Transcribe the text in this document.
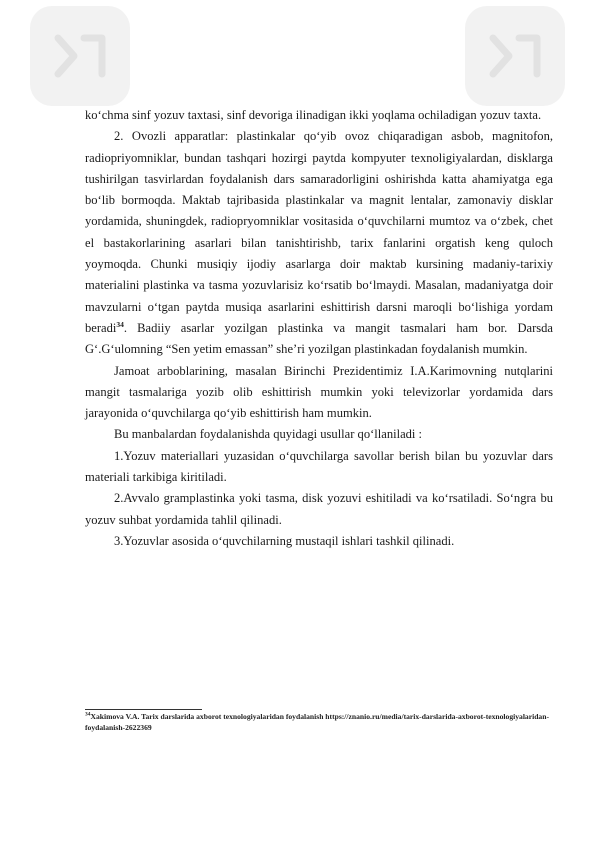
ko‘chma sinf yozuv taxtasi, sinf devoriga ilinadigan ikki yoqlama ochiladigan yozuv taxta.

2. Ovozli apparatlar: plastinkalar qo‘yib ovoz chiqaradigan asbob, magnitofon, radiopriyomniklar, bundan tashqari hozirgi paytda kompyuter texnoligiyalardan, disklarga tushirilgan tasvirlardan foydalanish dars samaradorligini oshirishda katta ahamiyatga ega bo‘lib bormoqda. Maktab tajribasida plastinkalar va magnit lentalar, zamonaviy disklar yordamida, shuningdek, radiopryomniklar vositasida o‘quvchilarni mumtoz va o‘zbek, chet el bastakorlarining asarlari bilan tanishtirishb, tarix fanlarini orgatish keng quloch yoymoqda. Chunki musiqiy ijodiy asarlarga doir maktab kursining madaniy-tarixiy materialini plastinka va tasma yozuvlarisiz ko‘rsatib bo‘lmaydi. Masalan, madaniyatga doir mavzularni o‘tgan paytda musiqa asarlarini eshittirish darsni maroqli bo‘lishiga yordam beradi$^{34}$. Badiiy asarlar yozilgan plastinka va mangit tasmalari ham bor. Darsda G‘.G‘ulomning “Sen yetim emassan” she’ri yozilgan plastinkadan foydalanish mumkin.

Jamoat arboblarining, masalan Birinchi Prezidentimiz I.A.Karimovning nutqlarini mangit tasmalariga yozib olib eshittirish mumkin yoki televizorlar yordamida dars jarayonida o‘quvchilarga qo‘yib eshittirish ham mumkin.

Bu manbalardan foydalanishda quyidagi usullar qo‘llaniladi :

1.Yozuv materiallari yuzasidan o‘quvchilarga savollar berish bilan bu yozuvlar dars materiali tarkibiga kiritiladi.

2.Avvalo gramplastinka yoki tasma, disk yozuvi eshitiladi va ko‘rsatiladi. So‘ngra bu yozuv suhbat yordamida tahlil qilinadi.

3.Yozuvlar asosida o‘quvchilarning mustaqil ishlari tashkil qilinadi.

$^{34}$Xakimova V.A. Tarix darslarida axborot texnologiyalaridan foydalanish https://znanio.ru/media/tarix-darslarida-axborot-texnologiyalaridan-foydalanish-2622369
